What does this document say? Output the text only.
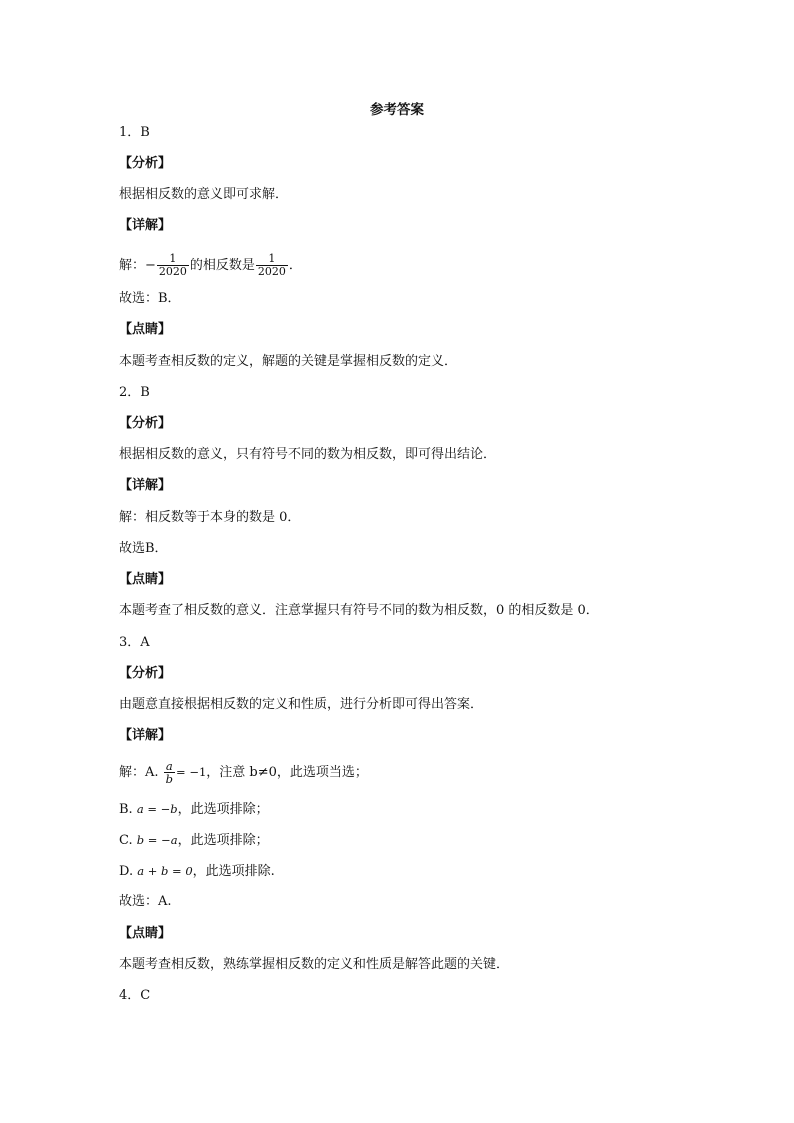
参考答案
1．B
【分析】
根据相反数的意义即可求解．
【详解】
解：− $\frac{1}{2020}$ 的相反数是 $\frac{1}{2020}$ ．
故选：B．
【点睛】
本题考查相反数的定义，解题的关键是掌握相反数的定义．
2．B
【分析】
根据相反数的意义，只有符号不同的数为相反数，即可得出结论．
【详解】
解：相反数等于本身的数是 0．
故选B．
【点睛】
本题考查了相反数的意义．注意掌握只有符号不同的数为相反数，0 的相反数是 0．
3．A
【分析】
由题意直接根据相反数的定义和性质，进行分析即可得出答案．
【详解】
解：A. $\frac{a}{b} = -1$，注意 b≠0，此选项当选；
B. a = −b，此选项排除；
C. b = −a，此选项排除；
D. a + b = 0，此选项排除.
故选：A.
【点睛】
本题考查相反数，熟练掌握相反数的定义和性质是解答此题的关键．
4．C
